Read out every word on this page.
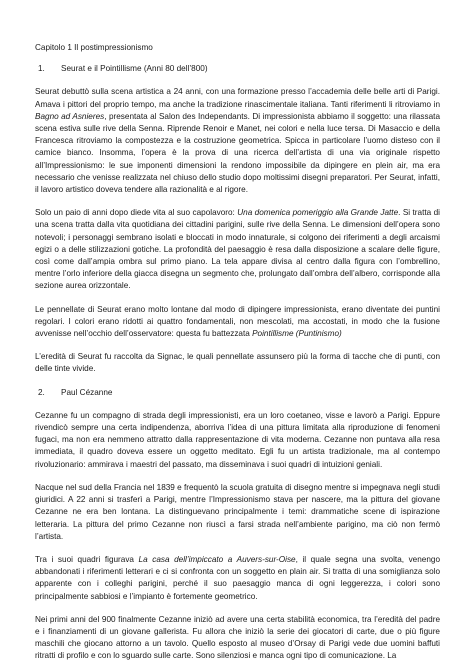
Capitolo 1 Il postimpressionismo
1. Seurat e il Pointillisme (Anni 80 dell’800)

Seurat debuttò sulla scena artistica a 24 anni, con una formazione presso l’accademia delle belle arti di Parigi. Amava i pittori del proprio tempo, ma anche la tradizione rinascimentale italiana. Tanti riferimenti li ritroviamo in Bagno ad Asnieres, presentata al Salon des Independants. Di impressionista abbiamo il soggetto: una rilassata scena estiva sulle rive della Senna. Riprende Renoir e Manet, nei colori e nella luce tersa. Di Masaccio e della Francesca ritroviamo la compostezza e la costruzione geometrica. Spicca in particolare l’uomo disteso con il camice bianco. Insomma, l’opera è la prova di una ricerca dell’artista di una via originale rispetto all’Impressionismo: le sue imponenti dimensioni la rendono impossibile da dipingere en plein air, ma era necessario che venisse realizzata nel chiuso dello studio dopo moltissimi disegni preparatori. Per Seurat, infatti, il lavoro artistico doveva tendere alla razionalità e al rigore.

Solo un paio di anni dopo diede vita al suo capolavoro: Una domenica pomeriggio alla Grande Jatte. Si tratta di una scena tratta dalla vita quotidiana dei cittadini parigini, sulle rive della Senna. Le dimensioni dell’opera sono notevoli; i personaggi sembrano isolati e bloccati in modo innaturale, si colgono dei riferimenti a degli arcaismi egizi o a delle stilizzazioni gotiche. La profondità del paesaggio è resa dalla disposizione a scalare delle figure, così come dall’ampia ombra sul primo piano. La tela appare divisa al centro dalla figura con l’ombrellino, mentre l’orlo inferiore della giacca disegna un segmento che, prolungato dall’ombra dell’albero, corrisponde alla sezione aurea orizzontale.

Le pennellate di Seurat erano molto lontane dal modo di dipingere impressionista, erano diventate dei puntini regolari. I colori erano ridotti ai quattro fondamentali, non mescolati, ma accostati, in modo che la fusione avvenisse nell’occhio dell’osservatore: questa fu battezzata Pointillisme (Puntinismo)

L’eredità di Seurat fu raccolta da Signac, le quali pennellate assunsero più la forma di tacche che di punti, con delle tinte vivide.

2. Paul Cézanne

Cezanne fu un compagno di strada degli impressionisti, era un loro coetaneo, visse e lavorò a Parigi. Eppure rivendicò sempre una certa indipendenza, aborriva l’idea di una pittura limitata alla riproduzione di fenomeni fugaci, ma non era nemmeno attratto dalla rappresentazione di vita moderna. Cezanne non puntava alla resa immediata, il quadro doveva essere un oggetto meditato. Egli fu un artista tradizionale, ma al contempo rivoluzionario: ammirava i maestri del passato, ma disseminava i suoi quadri di intuizioni geniali.

Nacque nel sud della Francia nel 1839 e frequentò la scuola gratuita di disegno mentre si impegnava negli studi giuridici. A 22 anni si trasferì a Parigi, mentre l’Impressionismo stava per nascere, ma la pittura del giovane Cezanne ne era ben lontana. La distinguevano principalmente i temi: drammatiche scene di ispirazione letteraria. La pittura del primo Cezanne non riuscì a farsi strada nell’ambiente parigino, ma ciò non fermò l’artista.

Tra i suoi quadri figurava La casa dell’impiccato a Auvers-sur-Oise, il quale segna una svolta, venengo abbandonati i riferimenti letterari e ci si confronta con un soggetto en plain air. Si tratta di una somiglianza solo apparente con i colleghi parigini, perché il suo paesaggio manca di ogni leggerezza, i colori sono principalmente sabbiosi e l’impianto è fortemente geometrico.

Nei primi anni del 900 finalmente Cezanne iniziò ad avere una certa stabilità economica, tra l’eredità del padre e i finanziamenti di un giovane gallerista. Fu allora che iniziò la serie dei giocatori di carte, due o più figure maschili che giocano attorno a un tavolo. Quello esposto al museo d’Orsay di Parigi vede due uomini baffuti ritratti di profilo e con lo sguardo sulle carte. Sono silenziosi e manca ogni tipo di comunicazione. La
